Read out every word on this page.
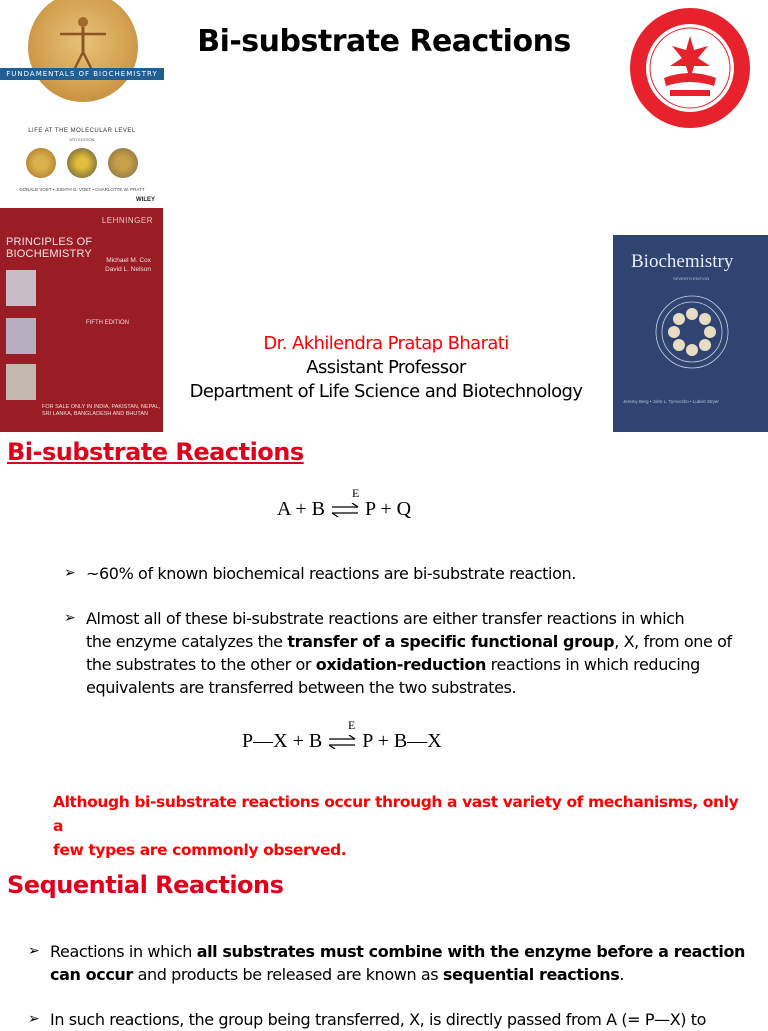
Bi-substrate Reactions
FUNDAMENTALS OF BIOCHEMISTRY
LIFE AT THE MOLECULAR LEVEL
5TH EDITION
DONALD VOET • JUDITH G. VOET • CHARLOTTE W. PRATT
WILEY
LEHNINGER
PRINCIPLES OF BIOCHEMISTRY
Michael M. Cox
David L. Nelson
FIFTH EDITION
FOR SALE ONLY IN INDIA, PAKISTAN, NEPAL,
SRI LANKA, BANGLADESH AND BHUTAN
Biochemistry
SEVENTH EDITION
Jeremy Berg • John L. Tymoczko • Lubert Stryer
Dr. Akhilendra Pratap Bharati
Assistant Professor
Department of Life Science and Biotechnology
Bi-substrate Reactions
E
A + B ⇌ P + Q
➢ ~60% of known biochemical reactions are bi-substrate reaction.
➢ Almost all of these bi-substrate reactions are either transfer reactions in which
the enzyme catalyzes the transfer of a specific functional group, X, from one of
the substrates to the other or oxidation-reduction reactions in which reducing
equivalents are transferred between the two substrates.
E
P—X + B ⇌ P + B—X
Although bi-substrate reactions occur through a vast variety of mechanisms, only a
few types are commonly observed.
Sequential Reactions
➢ Reactions in which all substrates must combine with the enzyme before a reaction
can occur and products be released are known as sequential reactions.
➢ In such reactions, the group being transferred, X, is directly passed from A (= P—X) to
